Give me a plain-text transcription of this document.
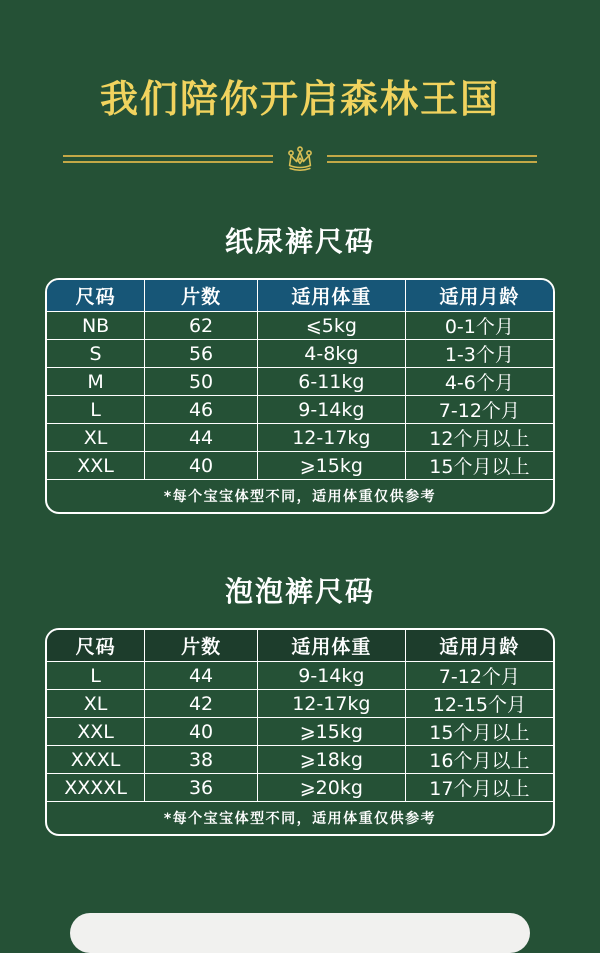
我们陪你开启森林王国
纸尿裤尺码
尺码	片数	适用体重	适用月龄
NB	62	⩽5kg	0-1个月
S	56	4-8kg	1-3个月
M	50	6-11kg	4-6个月
L	46	9-14kg	7-12个月
XL	44	12-17kg	12个月以上
XXL	40	⩾15kg	15个月以上
*每个宝宝体型不同，适用体重仅供参考			
泡泡裤尺码
尺码	片数	适用体重	适用月龄
L	44	9-14kg	7-12个月
XL	42	12-17kg	12-15个月
XXL	40	⩾15kg	15个月以上
XXXL	38	⩾18kg	16个月以上
XXXXL	36	⩾20kg	17个月以上
*每个宝宝体型不同，适用体重仅供参考			
